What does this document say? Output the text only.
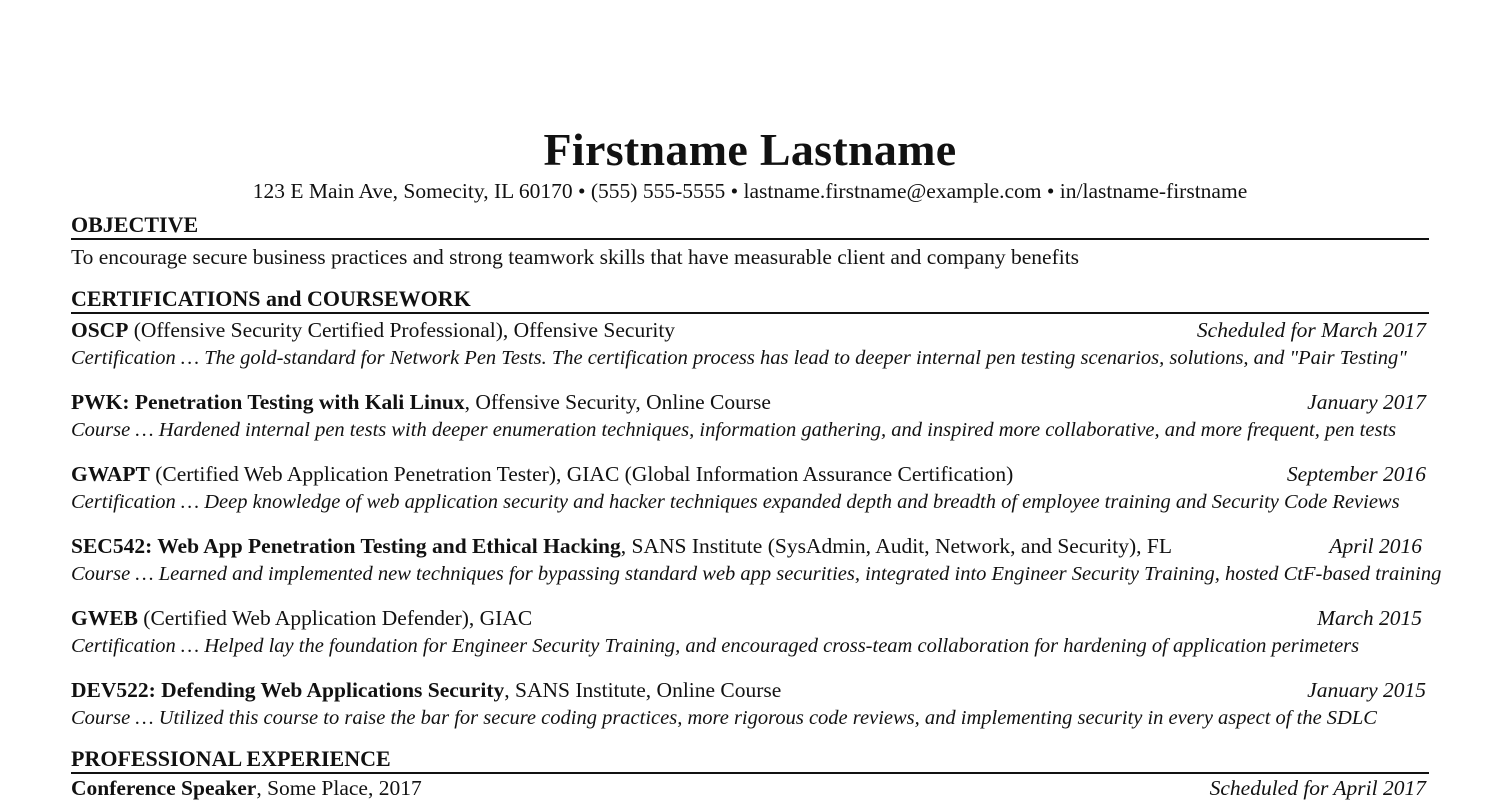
Firstname Lastname
123 E Main Ave, Somecity, IL 60170 • (555) 555-5555 • lastname.firstname@example.com • in/lastname-firstname
OBJECTIVE
To encourage secure business practices and strong teamwork skills that have measurable client and company benefits
CERTIFICATIONS and COURSEWORK
OSCP (Offensive Security Certified Professional), Offensive Security	Scheduled for March 2017
Certification … The gold-standard for Network Pen Tests. The certification process has lead to deeper internal pen testing scenarios, solutions, and "Pair Testing"
PWK: Penetration Testing with Kali Linux, Offensive Security, Online Course	January 2017
Course … Hardened internal pen tests with deeper enumeration techniques, information gathering, and inspired more collaborative, and more frequent, pen tests
GWAPT (Certified Web Application Penetration Tester), GIAC (Global Information Assurance Certification)	September 2016
Certification … Deep knowledge of web application security and hacker techniques expanded depth and breadth of employee training and Security Code Reviews
SEC542: Web App Penetration Testing and Ethical Hacking, SANS Institute (SysAdmin, Audit, Network, and Security), FL	April 2016
Course … Learned and implemented new techniques for bypassing standard web app securities, integrated into Engineer Security Training, hosted CtF-based training
GWEB (Certified Web Application Defender), GIAC	March 2015
Certification … Helped lay the foundation for Engineer Security Training, and encouraged cross-team collaboration for hardening of application perimeters
DEV522: Defending Web Applications Security, SANS Institute, Online Course	January 2015
Course … Utilized this course to raise the bar for secure coding practices, more rigorous code reviews, and implementing security in every aspect of the SDLC
PROFESSIONAL EXPERIENCE
Conference Speaker, Some Place, 2017	Scheduled for April 2017
